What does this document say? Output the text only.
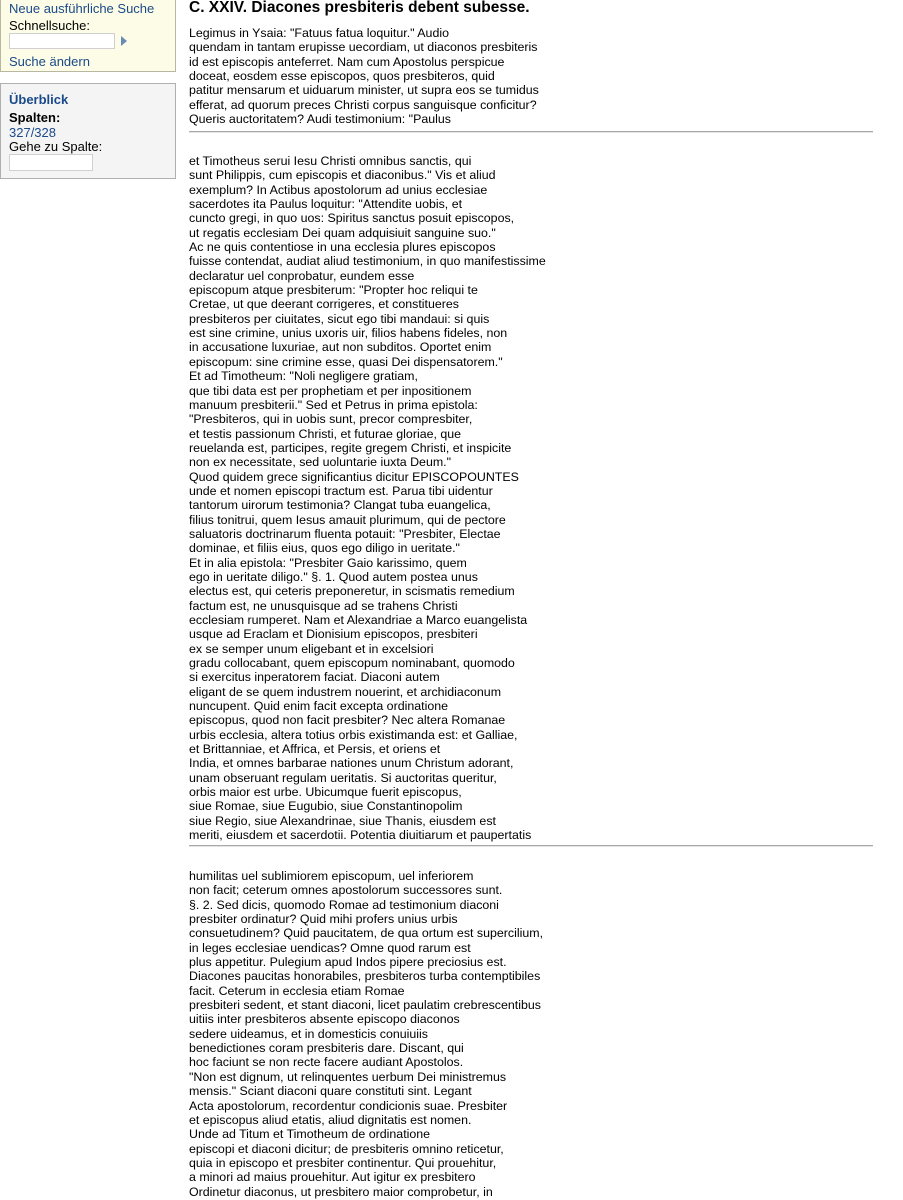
Neue ausführliche Suche
Schnellsuche:
Suche ändern
Überblick
Spalten:
327/328
Gehe zu Spalte:
C. XXIV. Diacones presbiteris debent subesse.
Legimus in Ysaia: "Fatuus fatua loquitur." Audio
quendam in tantam erupisse uecordiam, ut diaconos presbiteris
id est episcopis anteferret. Nam cum Apostolus perspicue
doceat, eosdem esse episcopos, quos presbiteros, quid
patitur mensarum et uiduarum minister, ut supra eos se tumidus
efferat, ad quorum preces Christi corpus sanguisque conficitur?
Queris auctoritatem? Audi testimonium: "Paulus
et Timotheus serui Iesu Christi omnibus sanctis, qui
sunt Philippis, cum episcopis et diaconibus." Vis et aliud
exemplum? In Actibus apostolorum ad unius ecclesiae
sacerdotes ita Paulus loquitur: "Attendite uobis, et
cuncto gregi, in quo uos: Spiritus sanctus posuit episcopos,
ut regatis ecclesiam Dei quam adquisiuit sanguine suo."
Ac ne quis contentiose in una ecclesia plures episcopos
fuisse contendat, audiat aliud testimonium, in quo manifestissime
declaratur uel conprobatur, eundem esse
episcopum atque presbiterum: "Propter hoc reliqui te
Cretae, ut que deerant corrigeres, et constitueres
presbiteros per ciuitates, sicut ego tibi mandaui: si quis
est sine crimine, unius uxoris uir, filios habens fideles, non
in accusatione luxuriae, aut non subditos. Oportet enim
episcopum: sine crimine esse, quasi Dei dispensatorem."
Et ad Timotheum: "Noli negligere gratiam,
que tibi data est per prophetiam et per inpositionem
manuum presbiterii." Sed et Petrus in prima epistola:
"Presbiteros, qui in uobis sunt, precor compresbiter,
et testis passionum Christi, et futurae gloriae, que
reuelanda est, participes, regite gregem Christi, et inspicite
non ex necessitate, sed uoluntarie iuxta Deum."
Quod quidem grece significantius dicitur EPISCOPOUNTES
unde et nomen episcopi tractum est. Parua tibi uidentur
tantorum uirorum testimonia? Clangat tuba euangelica,
filius tonitrui, quem Iesus amauit plurimum, qui de pectore
saluatoris doctrinarum fluenta potauit: "Presbiter, Electae
dominae, et filiis eius, quos ego diligo in ueritate."
Et in alia epistola: "Presbiter Gaio karissimo, quem
ego in ueritate diligo." §. 1. Quod autem postea unus
electus est, qui ceteris preponeretur, in scismatis remedium
factum est, ne unusquisque ad se trahens Christi
ecclesiam rumperet. Nam et Alexandriae a Marco euangelista
usque ad Eraclam et Dionisium episcopos, presbiteri
ex se semper unum eligebant et in excelsiori
gradu collocabant, quem episcopum nominabant, quomodo
si exercitus inperatorem faciat. Diaconi autem
eligant de se quem industrem nouerint, et archidiaconum
nuncupent. Quid enim facit excepta ordinatione
episcopus, quod non facit presbiter? Nec altera Romanae
urbis ecclesia, altera totius orbis existimanda est: et Galliae,
et Brittanniae, et Affrica, et Persis, et oriens et
India, et omnes barbarae nationes unum Christum adorant,
unam obseruant regulam ueritatis. Si auctoritas queritur,
orbis maior est urbe. Ubicumque fuerit episcopus,
siue Romae, siue Eugubio, siue Constantinopolim
siue Regio, siue Alexandrinae, siue Thanis, eiusdem est
meriti, eiusdem et sacerdotii. Potentia diuitiarum et paupertatis
humilitas uel sublimiorem episcopum, uel inferiorem
non facit; ceterum omnes apostolorum successores sunt.
§. 2. Sed dicis, quomodo Romae ad testimonium diaconi
presbiter ordinatur? Quid mihi profers unius urbis
consuetudinem? Quid paucitatem, de qua ortum est supercilium,
in leges ecclesiae uendicas? Omne quod rarum est
plus appetitur. Pulegium apud Indos pipere preciosius est.
Diacones paucitas honorabiles, presbiteros turba contemptibiles
facit. Ceterum in ecclesia etiam Romae
presbiteri sedent, et stant diaconi, licet paulatim crebrescentibus
uitiis inter presbiteros absente episcopo diaconos
sedere uideamus, et in domesticis conuiuiis
benedictiones coram presbiteris dare. Discant, qui
hoc faciunt se non recte facere audiant Apostolos.
"Non est dignum, ut relinquentes uerbum Dei ministremus
mensis." Sciant diaconi quare constituti sint. Legant
Acta apostolorum, recordentur condicionis suae. Presbiter
et episcopus aliud etatis, aliud dignitatis est nomen.
Unde ad Titum et Timotheum de ordinatione
episcopi et diaconi dicitur; de presbiteris omnino reticetur,
quia in episcopo et presbiter continentur. Qui prouehitur,
a minori ad maius prouehitur. Aut igitur ex presbitero
Ordinetur diaconus, ut presbitero maior comprobetur, in
